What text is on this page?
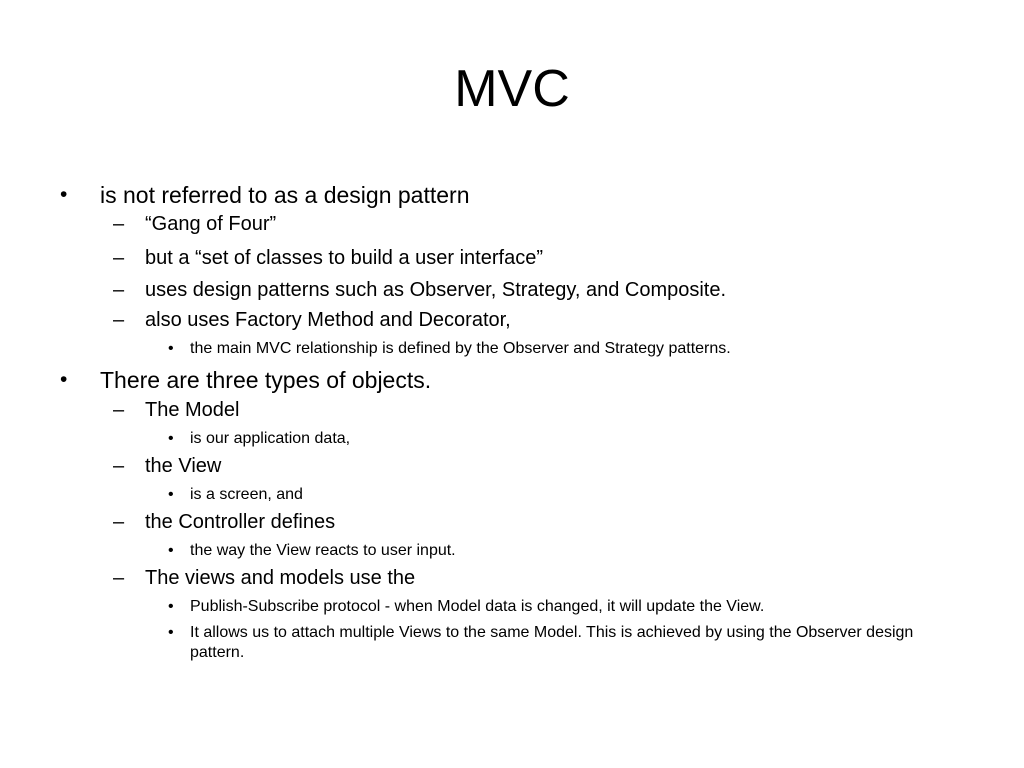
MVC
• is not referred to as a design pattern
– “Gang of Four”
– but a “set of classes to build a user interface”
– uses design patterns such as Observer, Strategy, and Composite.
– also uses Factory Method and Decorator,
• the main MVC relationship is defined by the Observer and Strategy patterns.
• There are three types of objects.
– The Model
• is our application data,
– the View
• is a screen, and
– the Controller defines
• the way the View reacts to user input.
– The views and models use the
• Publish-Subscribe protocol - when Model data is changed, it will update the View.
• It allows us to attach multiple Views to the same Model. This is achieved by using the Observer design pattern.
